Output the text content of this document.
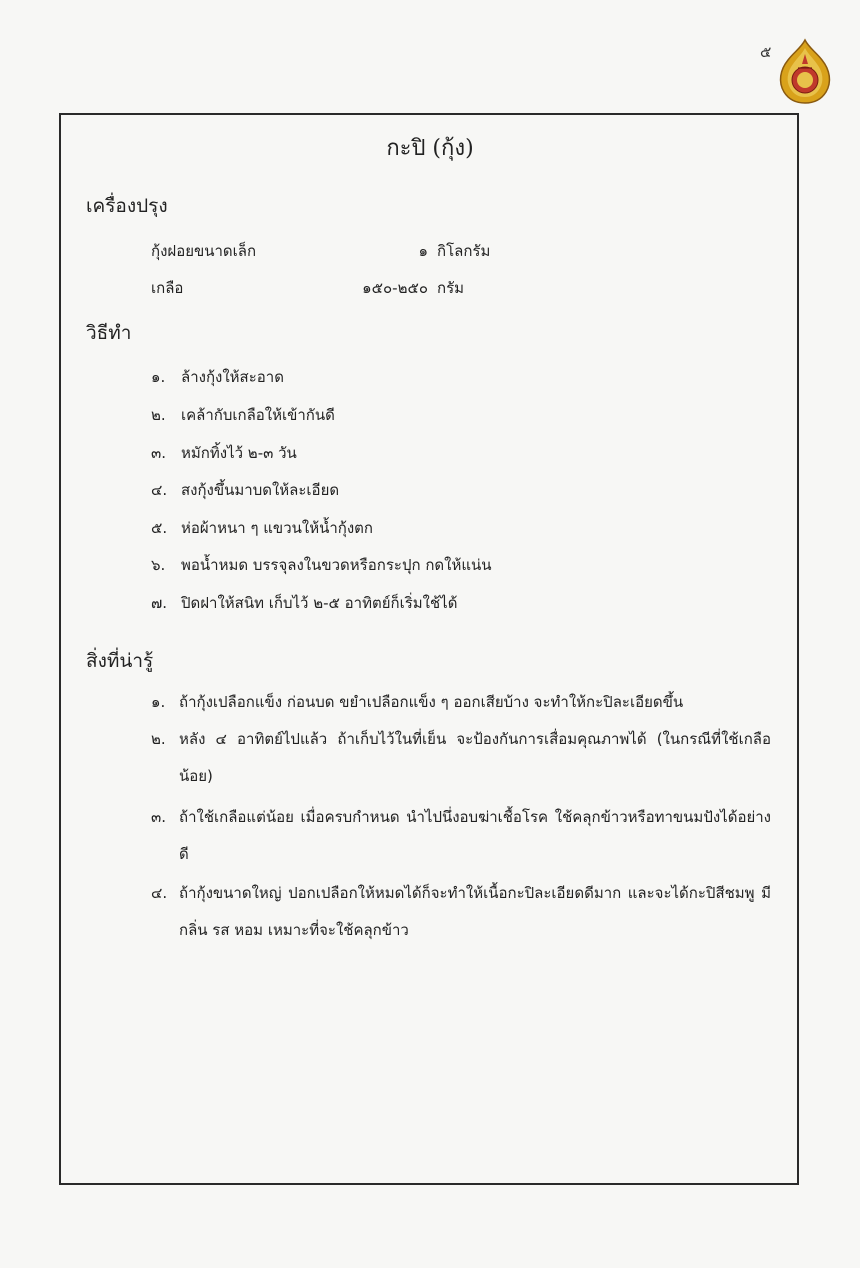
๕
กะปิ (กุ้ง)
เครื่องปรุง
กุ้งฝอยขนาดเล็ก	๑ กิโลกรัม
เกลือ	๑๕๐-๒๕๐ กรัม
วิธีทำ
๑. ล้างกุ้งให้สะอาด
๒. เคล้ากับเกลือให้เข้ากันดี
๓. หมักทิ้งไว้ ๒-๓ วัน
๔. สงกุ้งขึ้นมาบดให้ละเอียด
๕. ห่อผ้าหนา ๆ แขวนให้น้ำกุ้งตก
๖. พอน้ำหมด บรรจุลงในขวดหรือกระปุก กดให้แน่น
๗. ปิดฝาให้สนิท เก็บไว้ ๒-๕ อาทิตย์ก็เริ่มใช้ได้
สิ่งที่น่ารู้
๑. ถ้ากุ้งเปลือกแข็ง ก่อนบด ขยำเปลือกแข็ง ๆ ออกเสียบ้าง จะทำให้กะปิละเอียดขึ้น
๒. หลัง ๔ อาทิตย์ไปแล้ว ถ้าเก็บไว้ในที่เย็น จะป้องกันการเสื่อมคุณภาพได้ (ในกรณีที่ใช้เกลือน้อย)
๓. ถ้าใช้เกลือแต่น้อย เมื่อครบกำหนด นำไปนึ่งอบฆ่าเชื้อโรค ใช้คลุกข้าวหรือทาขนมปังได้อย่างดี
๔. ถ้ากุ้งขนาดใหญ่ ปอกเปลือกให้หมดได้ก็จะทำให้เนื้อกะปิละเอียดดีมาก และจะได้กะปิสีชมพู มีกลิ่น รส หอม เหมาะที่จะใช้คลุกข้าว
